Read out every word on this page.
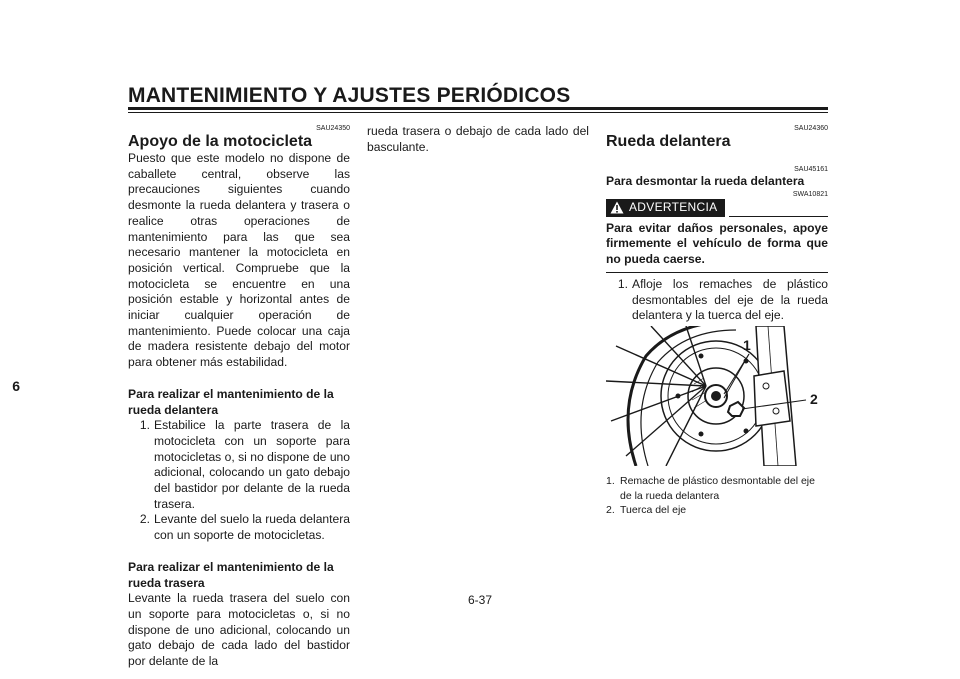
MANTENIMIENTO Y AJUSTES PERIÓDICOS
6
SAU24350
Apoyo de la motocicleta

Puesto que este modelo no dispone de caballete central, observe las precauciones siguientes cuando desmonte la rueda delantera y trasera o realice otras operaciones de mantenimiento para las que sea necesario mantener la motocicleta en posición vertical. Compruebe que la motocicleta se encuentre en una posición estable y horizontal antes de iniciar cualquier operación de mantenimiento. Puede colocar una caja de madera resistente debajo del motor para obtener más estabilidad.

Para realizar el mantenimiento de la rueda delantera
1. Estabilice la parte trasera de la motocicleta con un soporte para motocicletas o, si no dispone de uno adicional, colocando un gato debajo del bastidor por delante de la rueda trasera.
2. Levante del suelo la rueda delantera con un soporte de motocicletas.
Para realizar el mantenimiento de la rueda trasera

Levante la rueda trasera del suelo con un soporte para motocicletas o, si no dispone de uno adicional, colocando un gato debajo de cada lado del bastidor por delante de la

rueda trasera o debajo de cada lado del basculante.

SAU24360
Rueda delantera
SAU45161
Para desmontar la rueda delantera
SWA10821
ADVERTENCIA

Para evitar daños personales, apoye firmemente el vehículo de forma que no pueda caerse.

1. Afloje los remaches de plástico desmontables del eje de la rueda delantera y la tuerca del eje.
1
2
1. Remache de plástico desmontable del eje de la rueda delantera
2. Tuerca del eje
6-37
